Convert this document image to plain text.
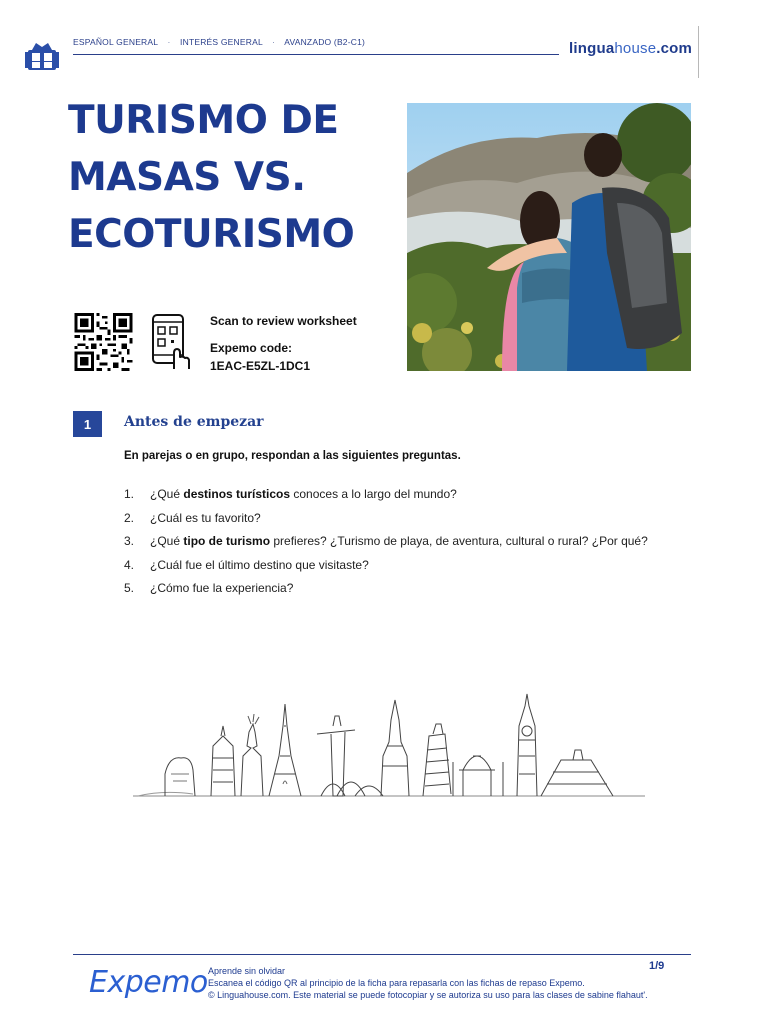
ESPAÑOL GENERAL · INTERÉS GENERAL · AVANZADO (B2-C1)	linguahouse.com
TURISMO DE MASAS VS. ECOTURISMO
Scan to review worksheet
Expemo code:
1EAC-E5ZL-1DC1
1	Antes de empezar

En parejas o en grupo, respondan a las siguientes preguntas.

1. ¿Qué destinos turísticos conoces a lo largo del mundo?
2. ¿Cuál es tu favorito?
3. ¿Qué tipo de turismo prefieres? ¿Turismo de playa, de aventura, cultural o rural? ¿Por qué?
4. ¿Cuál fue el último destino que visitaste?
5. ¿Cómo fue la experiencia?
Expemo Aprende sin olvidar
Escanea el código QR al principio de la ficha para repasarla con las fichas de repaso Expemo.
© Linguahouse.com. Este material se puede fotocopiar y se autoriza su uso para las clases de sabine flahaut'.
1/9
